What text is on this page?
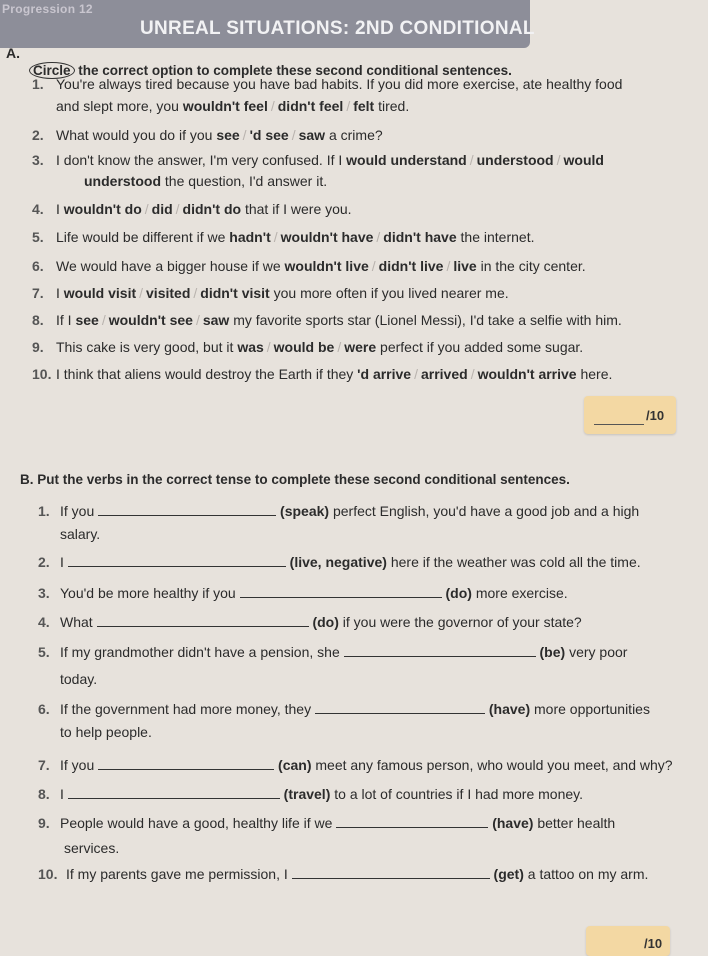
Progression 12
UNREAL SITUATIONS: 2ND CONDITIONAL
A.
Circle the correct option to complete these second conditional sentences.
1. You're always tired because you have bad habits. If you did more exercise, ate healthy food
and slept more, you wouldn't feel / didn't feel / felt tired.
2. What would you do if you see / 'd see / saw a crime?
3. I don't know the answer, I'm very confused. If I would understand / understood / would
understood the question, I'd answer it.
4. I wouldn't do / did / didn't do that if I were you.
5. Life would be different if we hadn't / wouldn't have / didn't have the internet.
6. We would have a bigger house if we wouldn't live / didn't live / live in the city center.
7. I would visit / visited / didn't visit you more often if you lived nearer me.
8. If I see / wouldn't see / saw my favorite sports star (Lionel Messi), I'd take a selfie with him.
9. This cake is very good, but it was / would be / were perfect if you added some sugar.
10. I think that aliens would destroy the Earth if they 'd arrive / arrived / wouldn't arrive here.
/10
B. Put the verbs in the correct tense to complete these second conditional sentences.
1. If you	(speak) perfect English, you'd have a good job and a high
salary.
2. I	(live, negative) here if the weather was cold all the time.
3. You'd be more healthy if you	(do) more exercise.
4. What	(do) if you were the governor of your state?
5. If my grandmother didn't have a pension, she	(be) very poor
today.
6. If the government had more money, they	(have) more opportunities
to help people.
7. If you	(can) meet any famous person, who would you meet, and why?
8. I	(travel) to a lot of countries if I had more money.
9. People would have a good, healthy life if we	(have) better health
services.
10. If my parents gave me permission, I	(get) a tattoo on my arm.
/10
